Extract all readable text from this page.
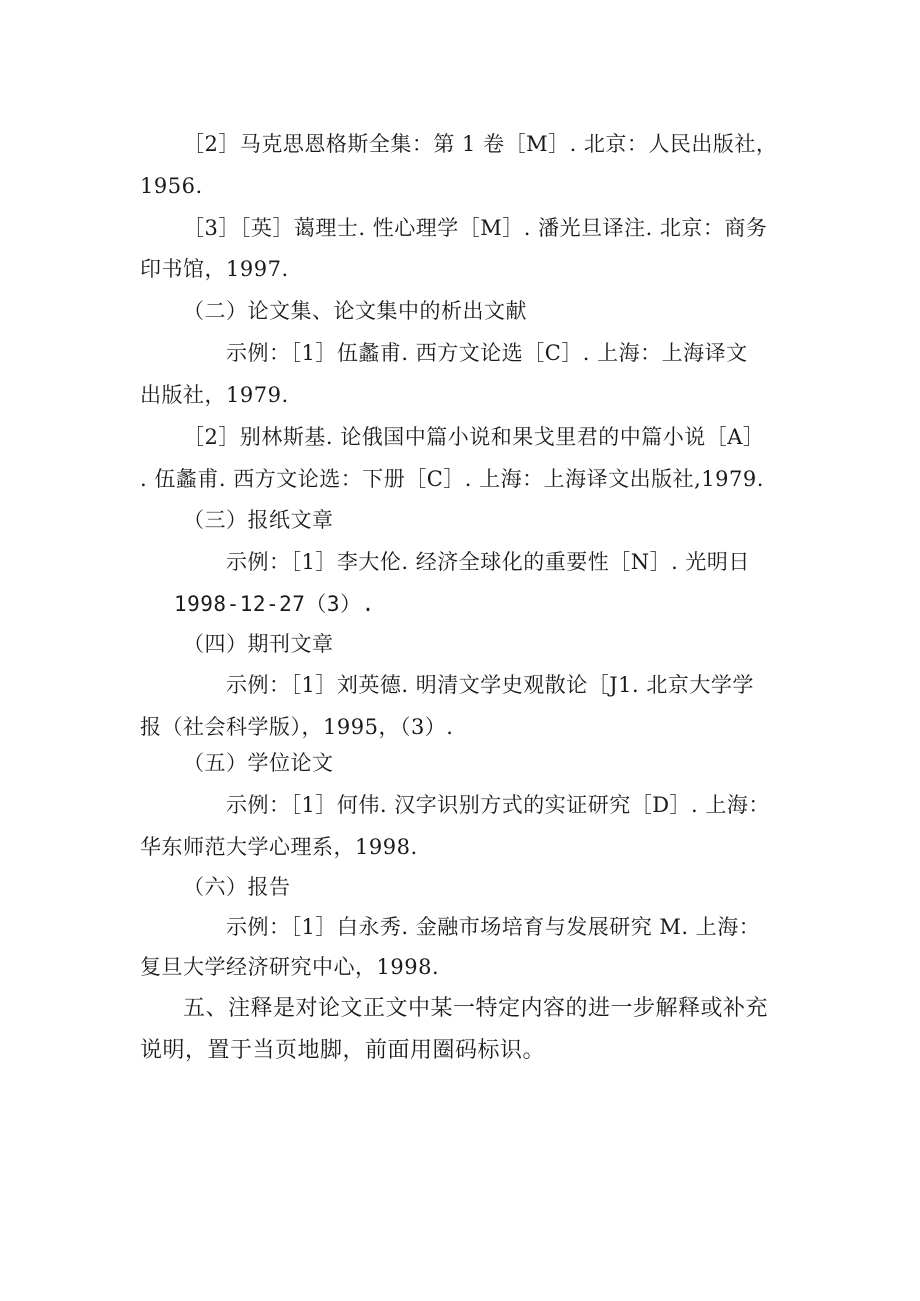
［2］马克思恩格斯全集：第 1 卷［M］. 北京：人民出版社，
1956.
［3］［英］蔼理士. 性心理学［M］. 潘光旦译注. 北京：商务
印书馆，1997.
（二）论文集、论文集中的析出文献
示例：［1］伍蠡甫. 西方文论选［C］. 上海：上海译文
出版社，1979.
［2］别林斯基. 论俄国中篇小说和果戈里君的中篇小说［A］
. 伍蠡甫. 西方文论选：下册［C］. 上海：上海译文出版社,1979.
（三）报纸文章
示例：［1］李大伦. 经济全球化的重要性［N］. 光明日
1998-12-27（3）.
（四）期刊文章
示例：［1］刘英德. 明清文学史观散论［J1. 北京大学学
报（社会科学版），1995，（3）.
（五）学位论文
示例：［1］何伟. 汉字识别方式的实证研究［D］. 上海：
华东师范大学心理系，1998.
（六）报告
示例：［1］白永秀. 金融市场培育与发展研究 M. 上海：
复旦大学经济研究中心，1998.
五、注释是对论文正文中某一特定内容的进一步解释或补充
说明，置于当页地脚，前面用圈码标识。
